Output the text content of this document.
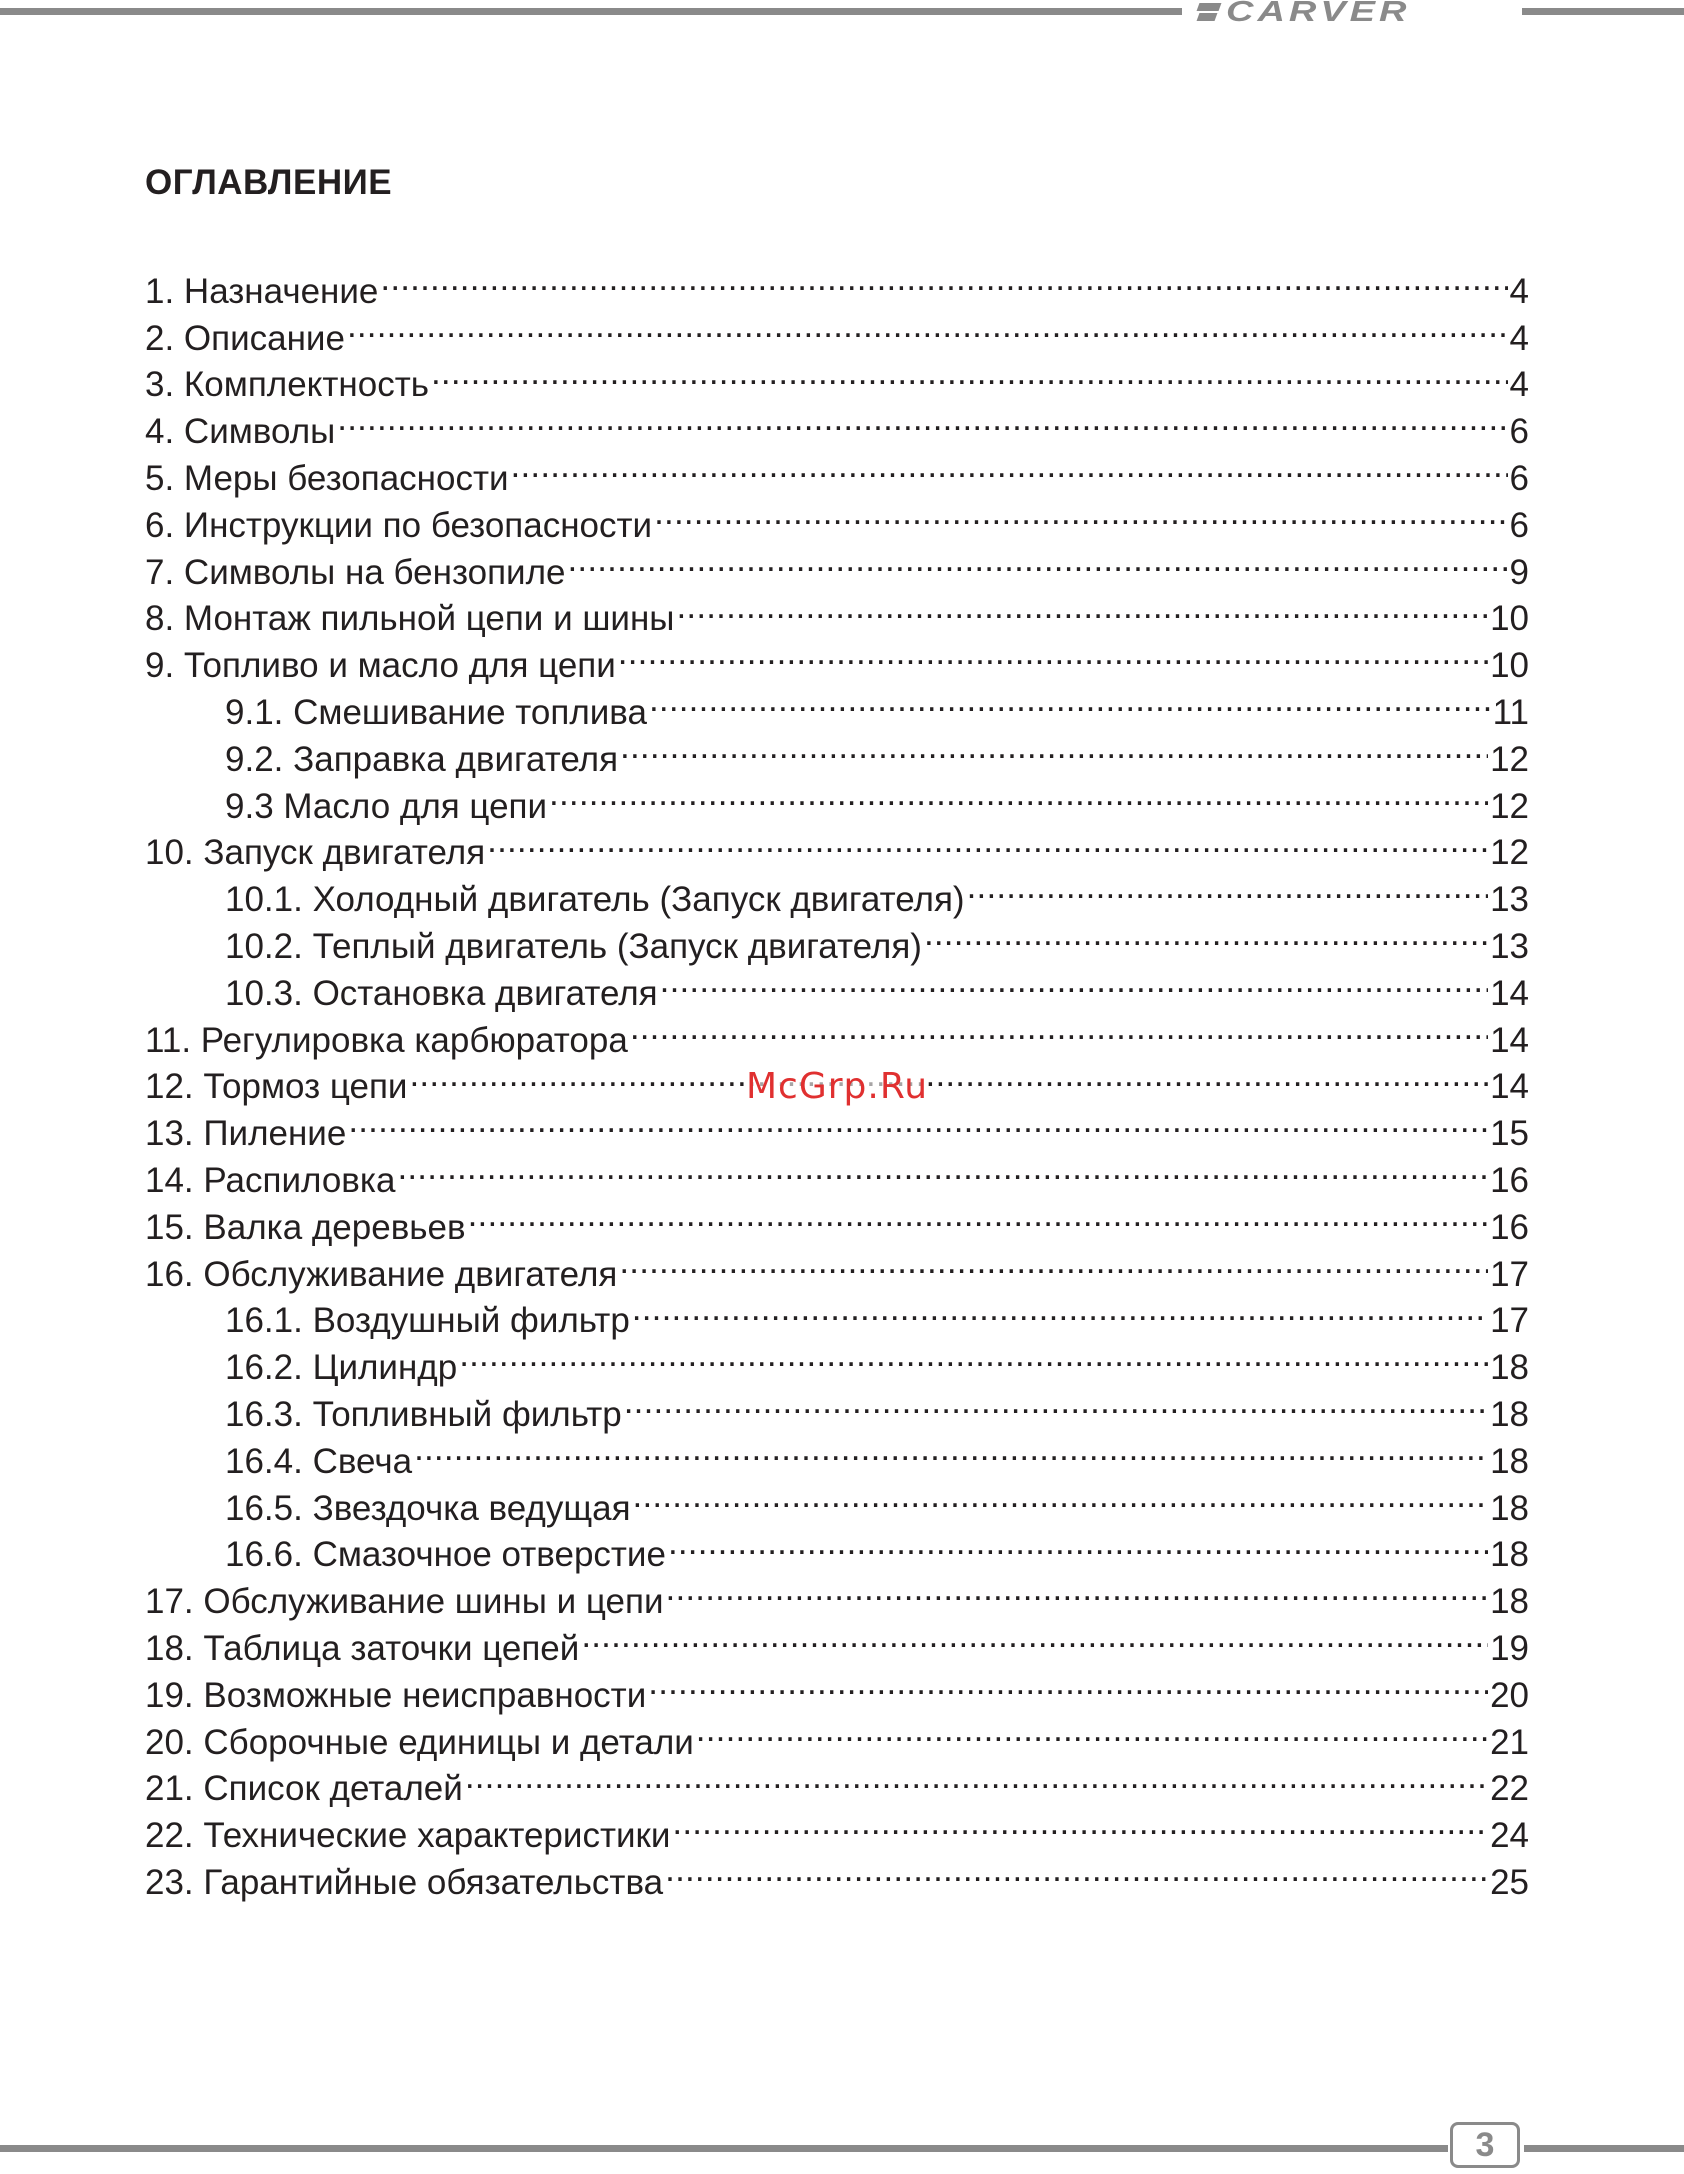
CARVER
ОГЛАВЛЕНИЕ
1. Назначение .....	4
2. Описание .....	4
3. Комплектность .....	4
4. Символы .....	6
5. Меры безопасности .....	6
6. Инструкции по безопасности .....	6
7. Символы на бензопиле .....	9
8. Монтаж пильной цепи и шины .....	10
9. Топливо и масло для цепи .....	10
9.1. Смешивание топлива .....	11
9.2. Заправка двигателя .....	12
9.3 Масло для цепи .....	12
10. Запуск двигателя .....	12
10.1. Холодный двигатель (Запуск двигателя) .....	13
10.2. Теплый двигатель (Запуск двигателя) .....	13
10.3. Остановка двигателя .....	14
11. Регулировка карбюратора .....	14
12. Тормоз цепи .....	14
13. Пиление .....	15
14. Распиловка .....	16
15. Валка деревьев .....	16
16. Обслуживание двигателя .....	17
16.1. Воздушный фильтр .....	17
16.2. Цилиндр .....	18
16.3. Топливный фильтр .....	18
16.4. Свеча .....	18
16.5. Звездочка ведущая .....	18
16.6. Смазочное отверстие .....	18
17. Обслуживание шины и цепи .....	18
18. Таблица заточки цепей .....	19
19. Возможные неисправности .....	20
20. Сборочные единицы и детали .....	21
21. Список деталей .....	22
22. Технические характеристики .....	24
23. Гарантийные обязательства .....	25
McGrp.Ru
3
